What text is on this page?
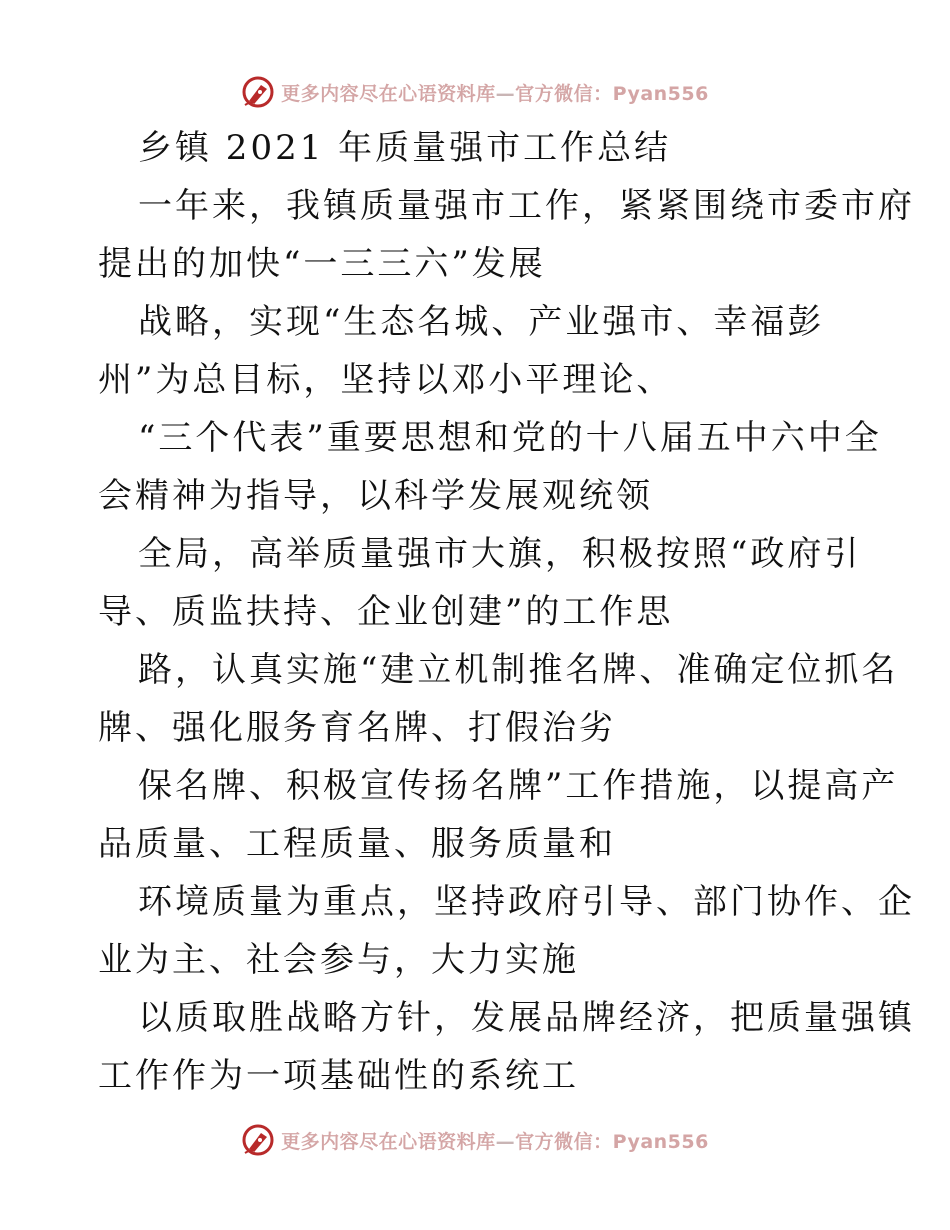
更多内容尽在心语资料库—官方微信：Pyan556
乡镇 2021 年质量强市工作总结
一年来，我镇质量强市工作，紧紧围绕市委市府
提出的加快“一三三六”发展
战略，实现“生态名城、产业强市、幸福彭
州”为总目标，坚持以邓小平理论、
“三个代表”重要思想和党的十八届五中六中全
会精神为指导，以科学发展观统领
全局，高举质量强市大旗，积极按照“政府引
导、质监扶持、企业创建”的工作思
路，认真实施“建立机制推名牌、准确定位抓名
牌、强化服务育名牌、打假治劣
保名牌、积极宣传扬名牌”工作措施，以提高产
品质量、工程质量、服务质量和
环境质量为重点，坚持政府引导、部门协作、企
业为主、社会参与，大力实施
以质取胜战略方针，发展品牌经济，把质量强镇
工作作为一项基础性的系统工
更多内容尽在心语资料库—官方微信：Pyan556
